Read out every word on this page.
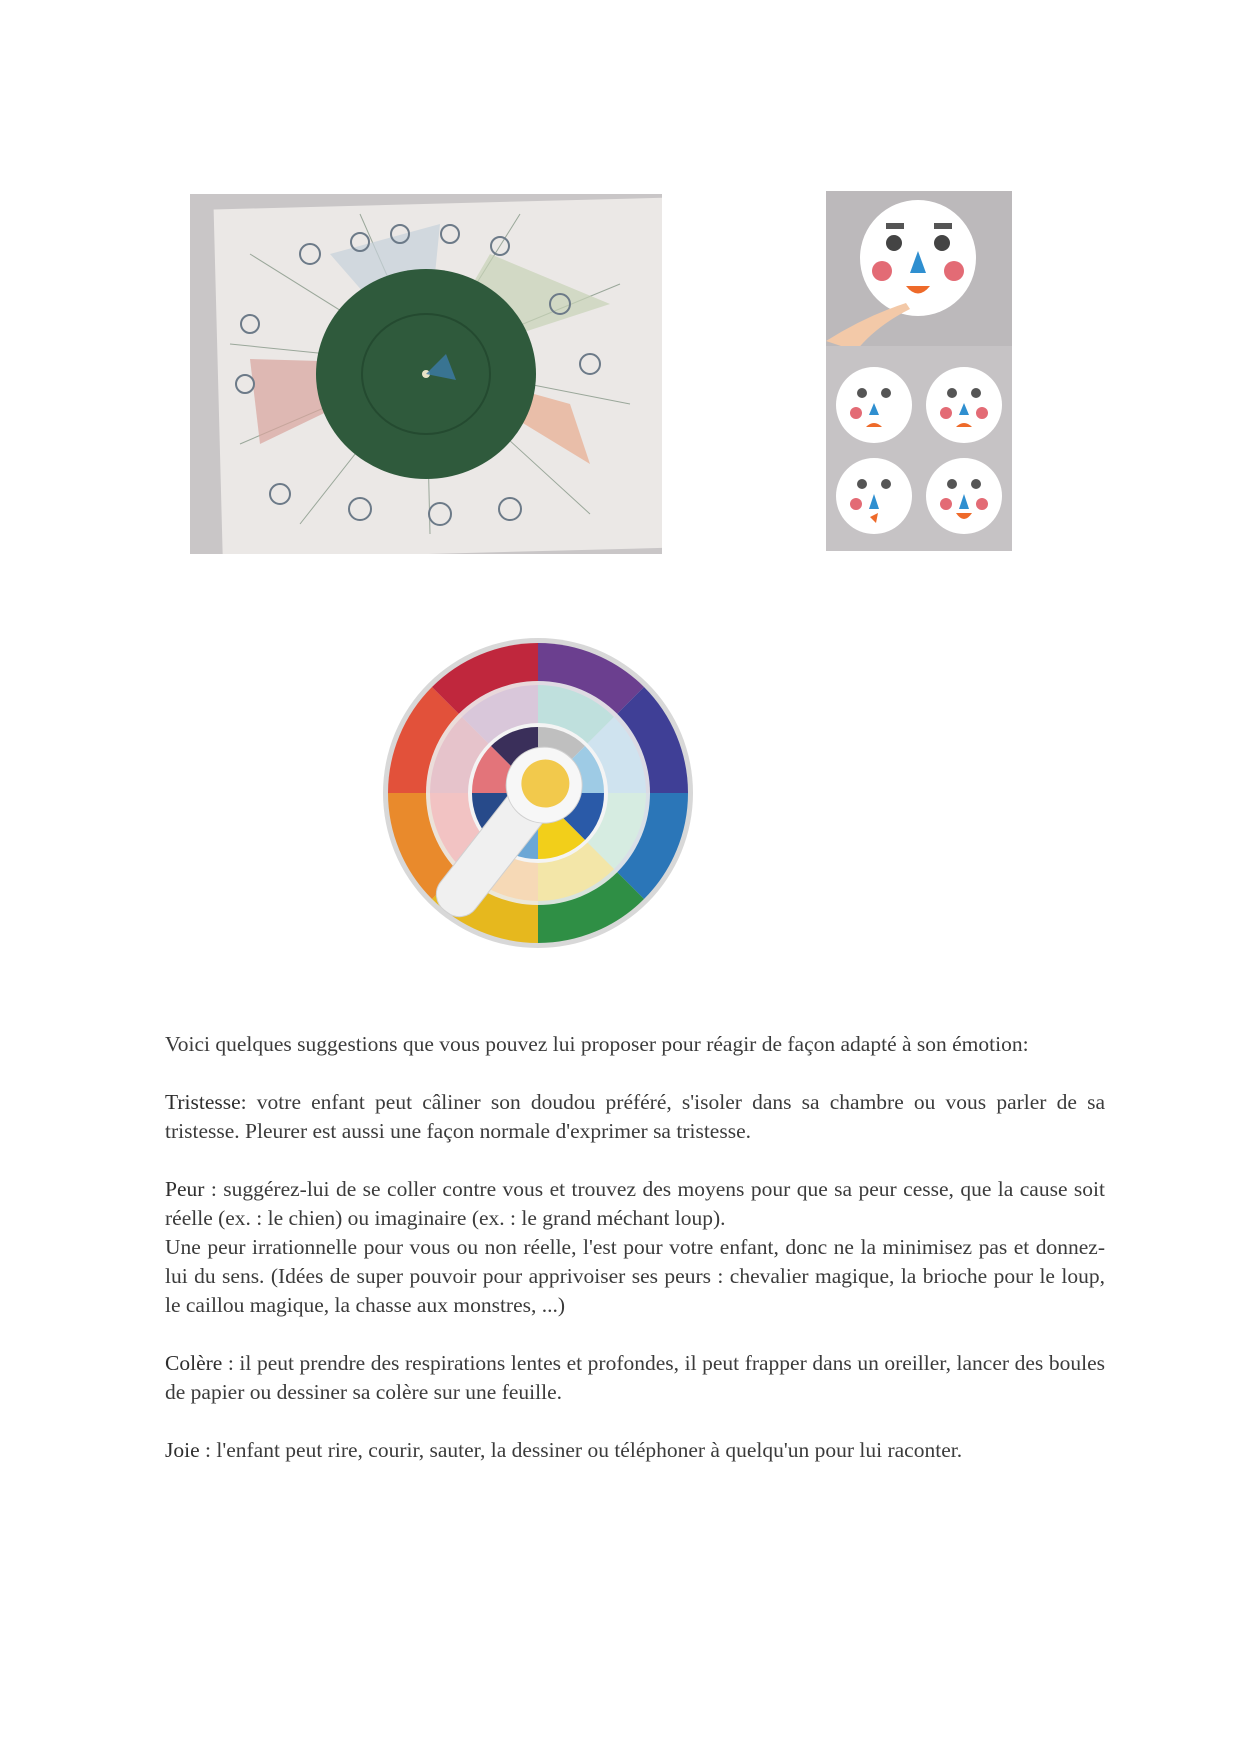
Voici quelques suggestions que vous pouvez lui proposer pour réagir de façon adapté à son émotion:

Tristesse: votre enfant peut câliner son doudou préféré, s'isoler dans sa chambre ou vous parler de sa tristesse. Pleurer est aussi une façon normale d'exprimer sa tristesse.

Peur : suggérez-lui de se coller contre vous et trouvez des moyens pour que sa peur cesse, que la cause soit réelle (ex. : le chien) ou imaginaire (ex. : le grand méchant loup).

Une peur irrationnelle pour vous ou non réelle, l'est pour votre enfant, donc ne la minimisez pas et donnez-lui du sens. (Idées de super pouvoir pour apprivoiser ses peurs : chevalier magique, la brioche pour le loup, le caillou magique, la chasse aux monstres, ...)

Colère : il peut prendre des respirations lentes et profondes, il peut frapper dans un oreiller, lancer des boules de papier ou dessiner sa colère sur une feuille.

Joie : l'enfant peut rire, courir, sauter, la dessiner ou téléphoner à quelqu'un pour lui raconter.
